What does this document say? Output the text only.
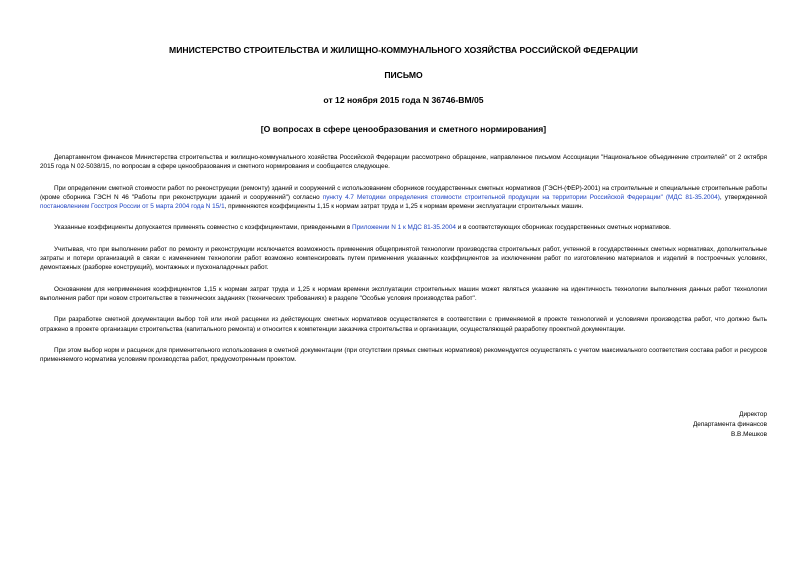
МИНИСТЕРСТВО СТРОИТЕЛЬСТВА И ЖИЛИЩНО-КОММУНАЛЬНОГО ХОЗЯЙСТВА РОССИЙСКОЙ ФЕДЕРАЦИИ
ПИСЬМО
от 12 ноября 2015 года N 36746-ВМ/05
[О вопросах в сфере ценообразования и сметного нормирования]

Департаментом финансов Министерства строительства и жилищно-коммунального хозяйства Российской Федерации рассмотрено обращение, направленное письмом Ассоциации "Национальное объединение строителей" от 2 октября 2015 года N 02-5038/15, по вопросам в сфере ценообразования и сметного нормирования и сообщается следующее.

При определении сметной стоимости работ по реконструкции (ремонту) зданий и сооружений с использованием сборников государственных сметных нормативов (ГЭСН-(ФЕР)-2001) на строительные и специальные строительные работы (кроме сборника ГЭСН N 46 "Работы при реконструкции зданий и сооружений") согласно пункту 4.7 Методики определения стоимости строительной продукции на территории Российской Федерации" (МДС 81-35.2004), утвержденной постановлением Госстроя России от 5 марта 2004 года N 15/1, применяются коэффициенты 1,15 к нормам затрат труда и 1,25 к нормам времени эксплуатации строительных машин.

Указанные коэффициенты допускается применять совместно с коэффициентами, приведенными в Приложении N 1 к МДС 81-35.2004 и в соответствующих сборниках государственных сметных нормативов.

Учитывая, что при выполнении работ по ремонту и реконструкции исключается возможность применения общепринятой технологии производства строительных работ, учтенной в государственных сметных нормативах, дополнительные затраты и потери организаций в связи с изменением технологии работ возможно компенсировать путем применения указанных коэффициентов за исключением работ по изготовлению материалов и изделий в построечных условиях, демонтажных (разборке конструкций), монтажных и пусконаладочных работ.

Основанием для неприменения коэффициентов 1,15 к нормам затрат труда и 1,25 к нормам времени эксплуатации строительных машин может являться указание на идентичность технологии выполнения данных работ технологии выполнения работ при новом строительстве в технических заданиях (технических требованиях) в разделе "Особые условия производства работ".

При разработке сметной документации выбор той или иной расценки из действующих сметных нормативов осуществляется в соответствии с применяемой в проекте технологией и условиями производства работ, что должно быть отражено в проекте организации строительства (капитального ремонта) и относится к компетенции заказчика строительства и организации, осуществляющей разработку проектной документации.

При этом выбор норм и расценок для применительного использования в сметной документации (при отсутствии прямых сметных нормативов) рекомендуется осуществлять с учетом максимального соответствия состава работ и ресурсов применяемого норматива условиям производства работ, предусмотренным проектом.

Директор
Департамента финансов
В.В.Мешков
